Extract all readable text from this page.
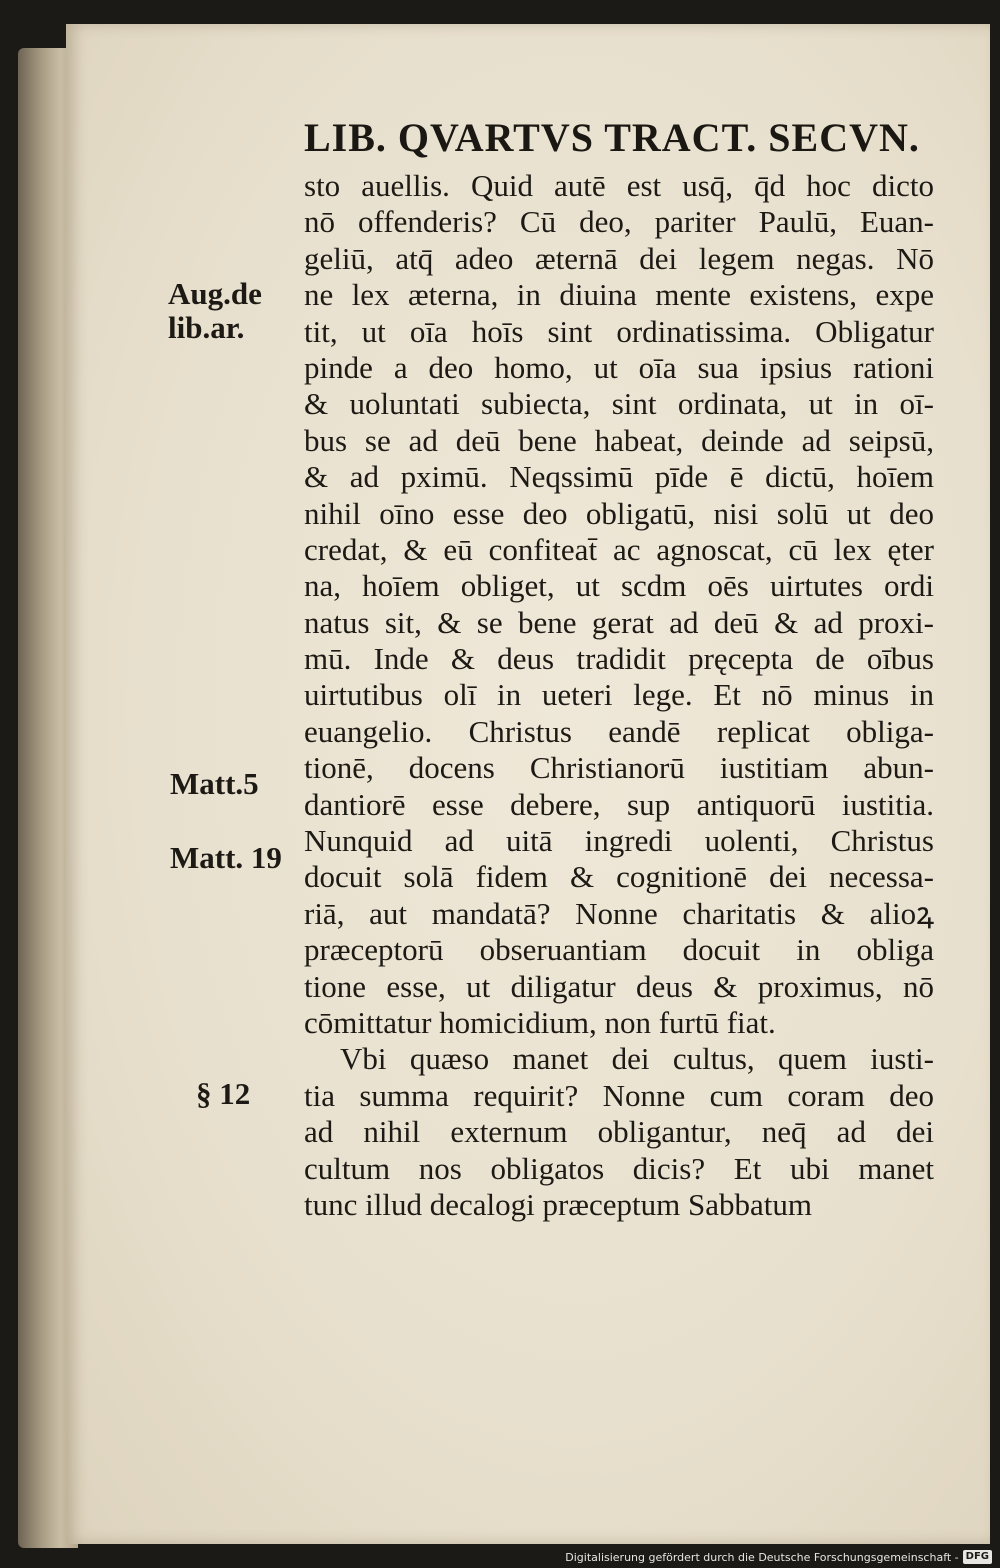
LIB. QVARTVS TRACT. SECVN.
Aug.de
lib.ar.
Matt.5
Matt. 19
§ 12
sto auellis. Quid autē est usq̄, q̄d hoc dicto
nō offenderis? Cū deo, pariter Paulū, Euan-
geliū, atq̄ adeo æternā dei legem negas. Nō
ne lex æterna, in diuina mente existens, expe
tit, ut oīa hoīs sint ordinatissima. Obligatur
pinde a deo homo, ut oīa sua ipsius rationi
& uoluntati subiecta, sint ordinata, ut in oī-
bus se ad deū bene habeat, deinde ad seipsū,
& ad pximū. Neqssimū pīde ē dictū, hoīem
nihil oīno esse deo obligatū, nisi solū ut deo
credat, & eū confiteat̄ ac agnoscat, cū lex ęter
na, hoīem obliget, ut scdm oēs uirtutes ordi
natus sit, & se bene gerat ad deū & ad proxi-
mū. Inde & deus tradidit pręcepta de oībus
uirtutibus olī in ueteri lege. Et nō minus in
euangelio. Christus eandē replicat obliga-
tionē, docens Christianorū iustitiam abun-
dantiorē esse debere, sup antiquorū iustitia.
Nunquid ad uitā ingredi uolenti, Christus
docuit solā fidem & cognitionē dei necessa-
riā, aut mandatā? Nonne charitatis & alioꝝ
præceptorū obseruantiam docuit in obliga
tione esse, ut diligatur deus & proximus, nō
cōmittatur homicidium, non furtū fiat.
Vbi quæso manet dei cultus, quem iusti-
tia summa requirit? Nonne cum coram deo
ad nihil externum obligantur, neq̄ ad dei
cultum nos obligatos dicis? Et ubi manet
tunc illud decalogi præceptum Sabbatum
Digitalisierung gefördert durch die Deutsche Forschungsgemeinschaft - DFG
